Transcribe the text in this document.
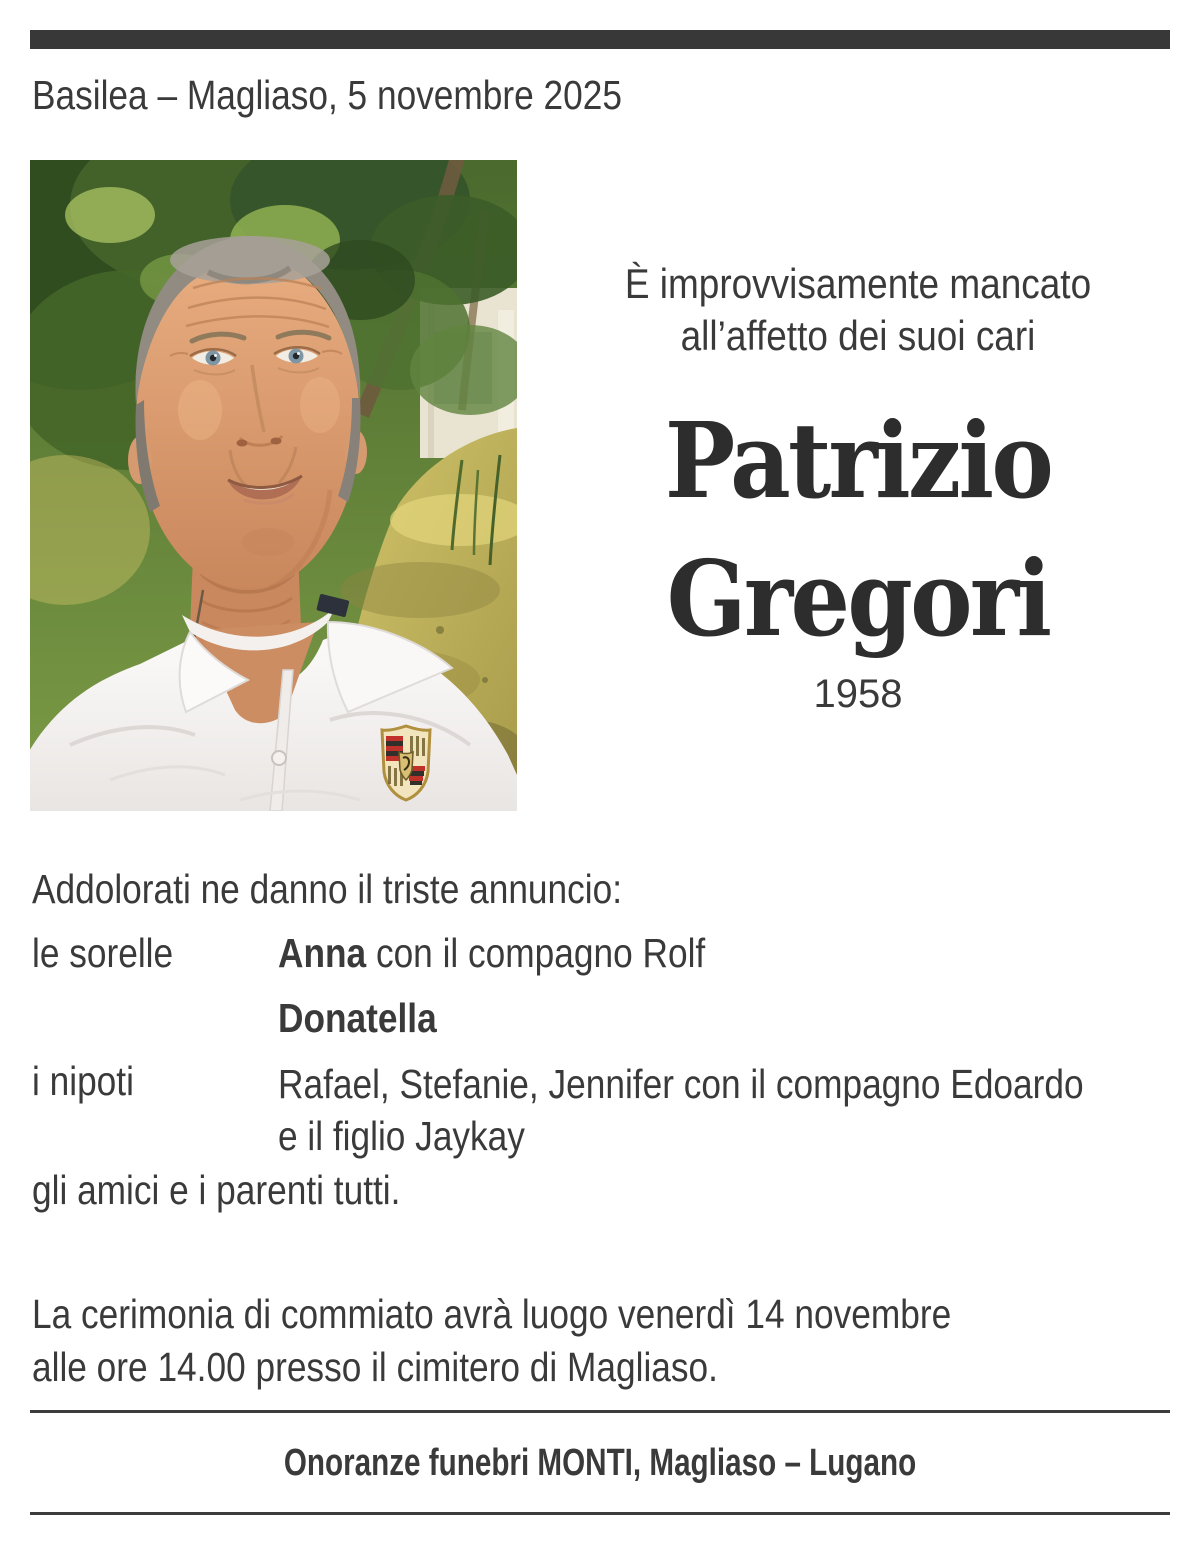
Basilea – Magliaso, 5 novembre 2025
È improvvisamente mancato
all’affetto dei suoi cari
Patrizio
Gregori
1958
Addolorati ne danno il triste annuncio:
le sorelle	Anna con il compagno Rolf
Donatella
i nipoti	Rafael, Stefanie, Jennifer con il compagno Edoardo
e il figlio Jaykay
gli amici e i parenti tutti.
La cerimonia di commiato avrà luogo venerdì 14 novembre
alle ore 14.00 presso il cimitero di Magliaso.
Onoranze funebri MONTI, Magliaso – Lugano
